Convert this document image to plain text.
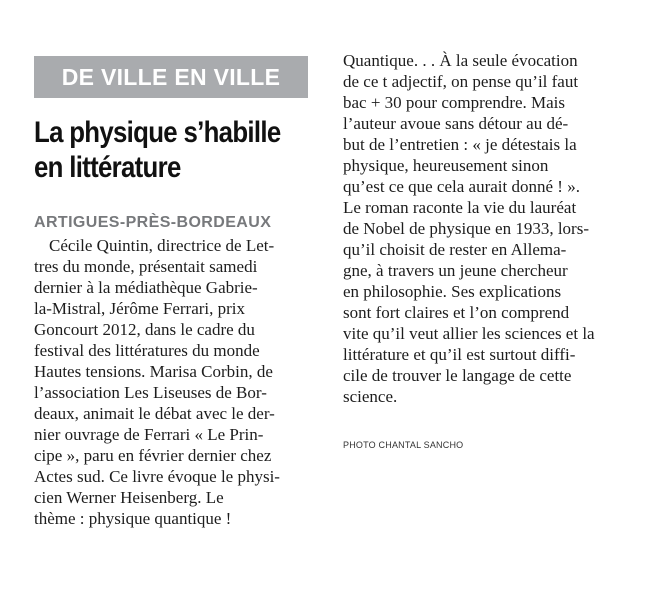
DE VILLE EN VILLE
La physique s’habille
en littérature
ARTIGUES-PRÈS-BORDEAUX
Cécile Quintin, directrice de Let-
tres du monde, présentait samedi
dernier à la médiathèque Gabrie-
la-Mistral, Jérôme Ferrari, prix
Goncourt 2012, dans le cadre du
festival des littératures du monde
Hautes tensions. Marisa Corbin, de
l’association Les Liseuses de Bor-
deaux, animait le débat avec le der-
nier ouvrage de Ferrari « Le Prin-
cipe », paru en février dernier chez
Actes sud. Ce livre évoque le physi-
cien Werner Heisenberg. Le
thème : physique quantique !
Quantique. . . À la seule évocation
de ce t adjectif, on pense qu’il faut
bac + 30 pour comprendre. Mais
l’auteur avoue sans détour au dé-
but de l’entretien : « je détestais la
physique, heureusement sinon
qu’est ce que cela aurait donné ! ».
Le roman raconte la vie du lauréat
de Nobel de physique en 1933, lors-
qu’il choisit de rester en Allema-
gne, à travers un jeune chercheur
en philosophie. Ses explications
sont fort claires et l’on comprend
vite qu’il veut allier les sciences et la
littérature et qu’il est surtout diffi-
cile de trouver le langage de cette
science.
PHOTO CHANTAL SANCHO
